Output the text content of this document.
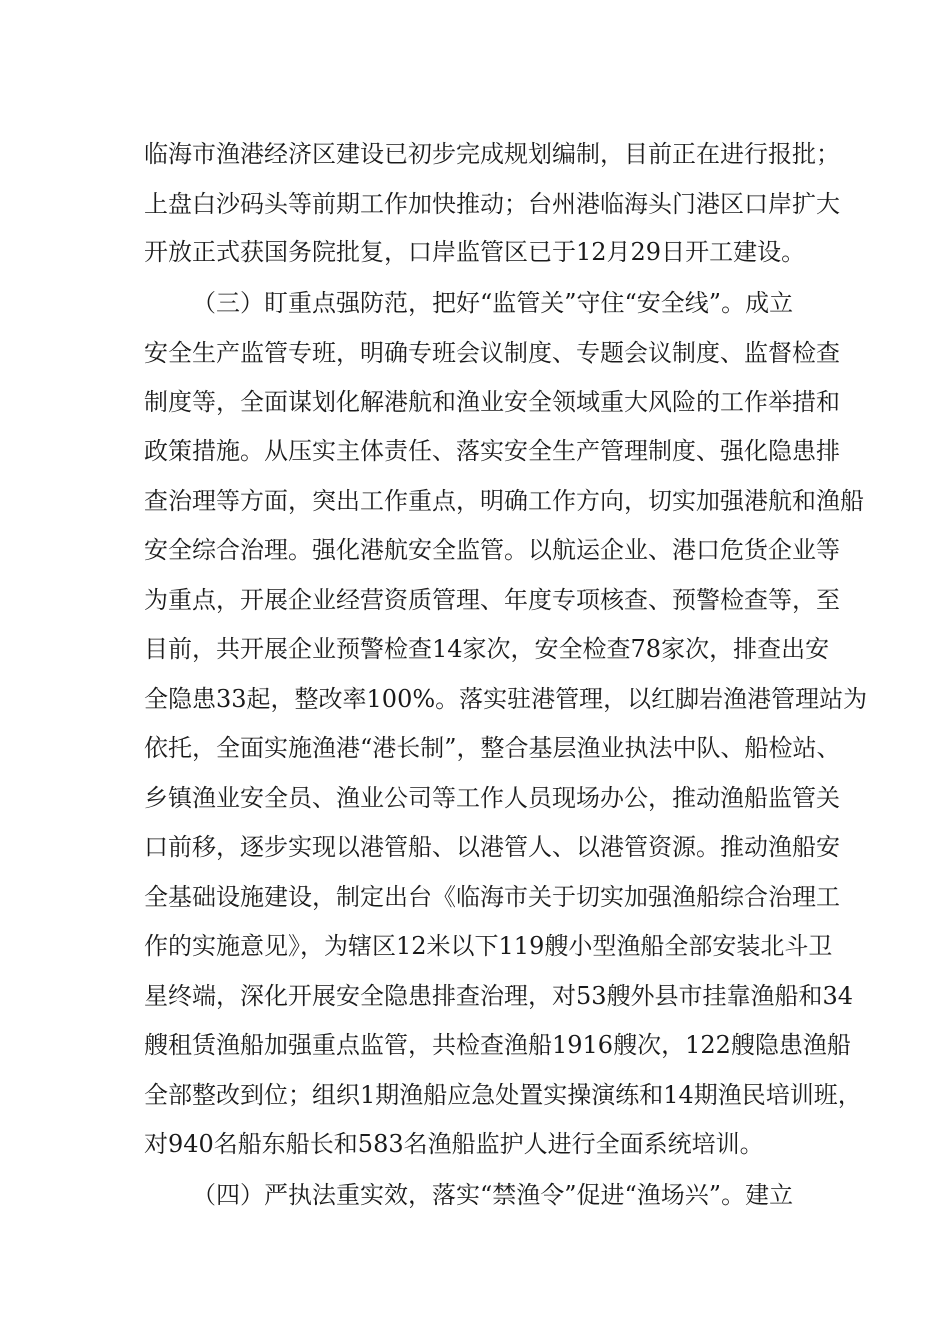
临海市渔港经济区建设已初步完成规划编制，目前正在进行报批；
上盘白沙码头等前期工作加快推动；台州港临海头门港区口岸扩大
开放正式获国务院批复，口岸监管区已于12月29日开工建设。
（三）盯重点强防范，把好“监管关”守住“安全线”。成立
安全生产监管专班，明确专班会议制度、专题会议制度、监督检查
制度等，全面谋划化解港航和渔业安全领域重大风险的工作举措和
政策措施。从压实主体责任、落实安全生产管理制度、强化隐患排
查治理等方面，突出工作重点，明确工作方向，切实加强港航和渔船
安全综合治理。强化港航安全监管。以航运企业、港口危货企业等
为重点，开展企业经营资质管理、年度专项核查、预警检查等，至
目前，共开展企业预警检查14家次，安全检查78家次，排查出安
全隐患33起，整改率100%。落实驻港管理，以红脚岩渔港管理站为
依托，全面实施渔港“港长制”，整合基层渔业执法中队、船检站、
乡镇渔业安全员、渔业公司等工作人员现场办公，推动渔船监管关
口前移，逐步实现以港管船、以港管人、以港管资源。推动渔船安
全基础设施建设，制定出台《临海市关于切实加强渔船综合治理工
作的实施意见》，为辖区12米以下119艘小型渔船全部安装北斗卫
星终端，深化开展安全隐患排查治理，对53艘外县市挂靠渔船和34
艘租赁渔船加强重点监管，共检查渔船1916艘次，122艘隐患渔船
全部整改到位；组织1期渔船应急处置实操演练和14期渔民培训班，
对940名船东船长和583名渔船监护人进行全面系统培训。
（四）严执法重实效，落实“禁渔令”促进“渔场兴”。建立
